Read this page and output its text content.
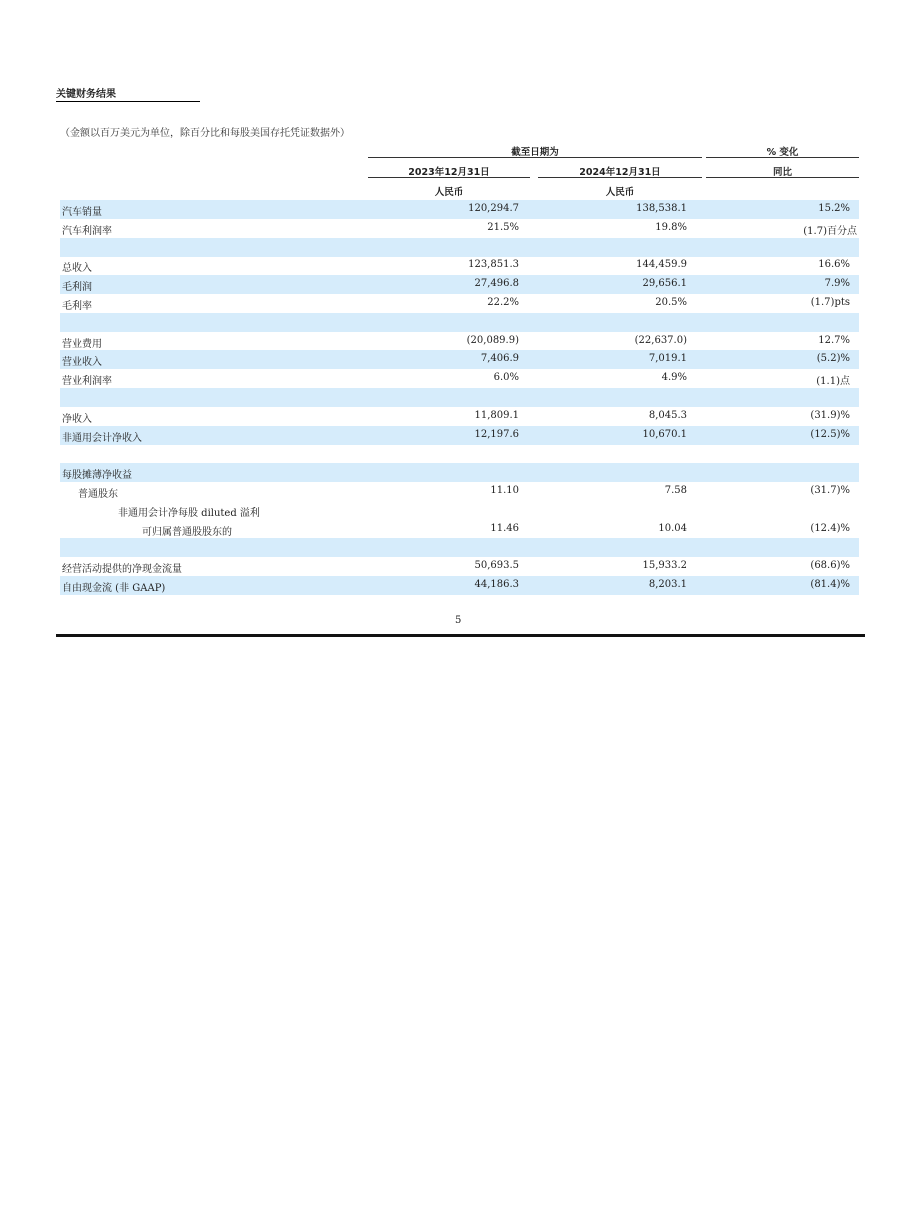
关键财务结果
（金额以百万美元为单位，除百分比和每股美国存托凭证数据外）
截至日期为	% 变化
2023年12月31日	2024年12月31日	同比
人民币	人民币
汽车销量	120,294.7	138,538.1	15.2%
汽车利润率	21.5%	19.8%	(1.7)百分点
总收入	123,851.3	144,459.9	16.6%
毛利润	27,496.8	29,656.1	7.9%
毛利率	22.2%	20.5%	(1.7)pts
营业费用	(20,089.9)	(22,637.0)	12.7%
营业收入	7,406.9	7,019.1	(5.2)%
营业利润率	6.0%	4.9%	(1.1)点
净收入	11,809.1	8,045.3	(31.9)%
非通用会计净收入	12,197.6	10,670.1	(12.5)%
每股摊薄净收益
普通股东	11.10	7.58	(31.7)%
非通用会计净每股 diluted 溢利
可归属普通股股东的	11.46	10.04	(12.4)%
经营活动提供的净现金流量	50,693.5	15,933.2	(68.6)%
自由现金流 (非 GAAP)	44,186.3	8,203.1	(81.4)%
5
